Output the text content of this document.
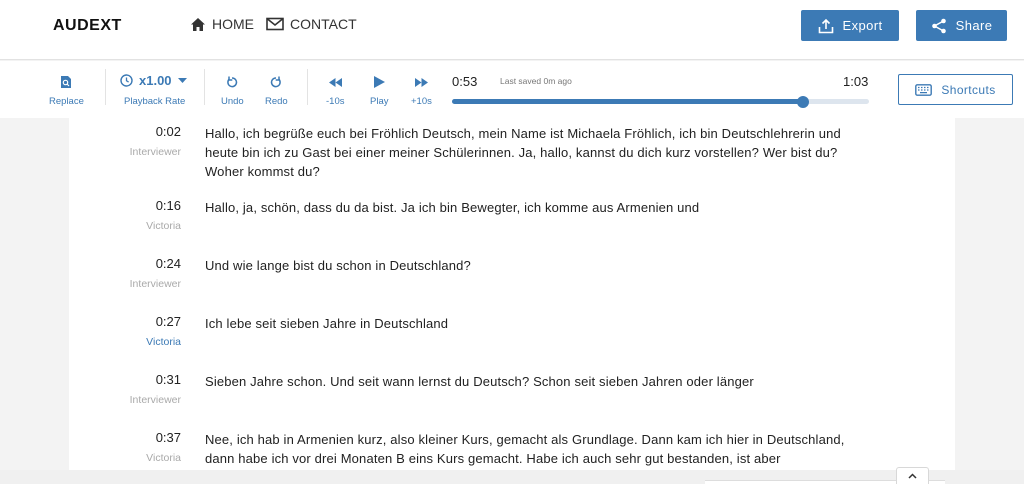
AUDEXT	HOME	CONTACT	Export	Share
Replace
x1.00
Playback Rate	Undo Redo	-10s	Play +10s
0:53	Last saved 0m ago	1:03
Shortcuts
0:02
Interviewer
Hallo, ich begrüße euch bei Fröhlich Deutsch, mein Name ist Michaela Fröhlich, ich bin Deutschlehrerin und heute bin ich zu Gast bei einer meiner Schülerinnen. Ja, hallo, kannst du dich kurz vorstellen? Wer bist du? Woher kommst du?
0:16
Victoria
Hallo, ja, schön, dass du da bist. Ja ich bin Bewegter, ich komme aus Armenien und
0:24
Interviewer
Und wie lange bist du schon in Deutschland?
0:27
Victoria
Ich lebe seit sieben Jahre in Deutschland
0:31
Interviewer
Sieben Jahre schon. Und seit wann lernst du Deutsch? Schon seit sieben Jahren oder länger
0:37
Victoria
Nee, ich hab in Armenien kurz, also kleiner Kurs, gemacht als Grundlage. Dann kam ich hier in Deutschland, dann habe ich vor drei Monaten B eins Kurs gemacht. Habe ich auch sehr gut bestanden, ist aber
